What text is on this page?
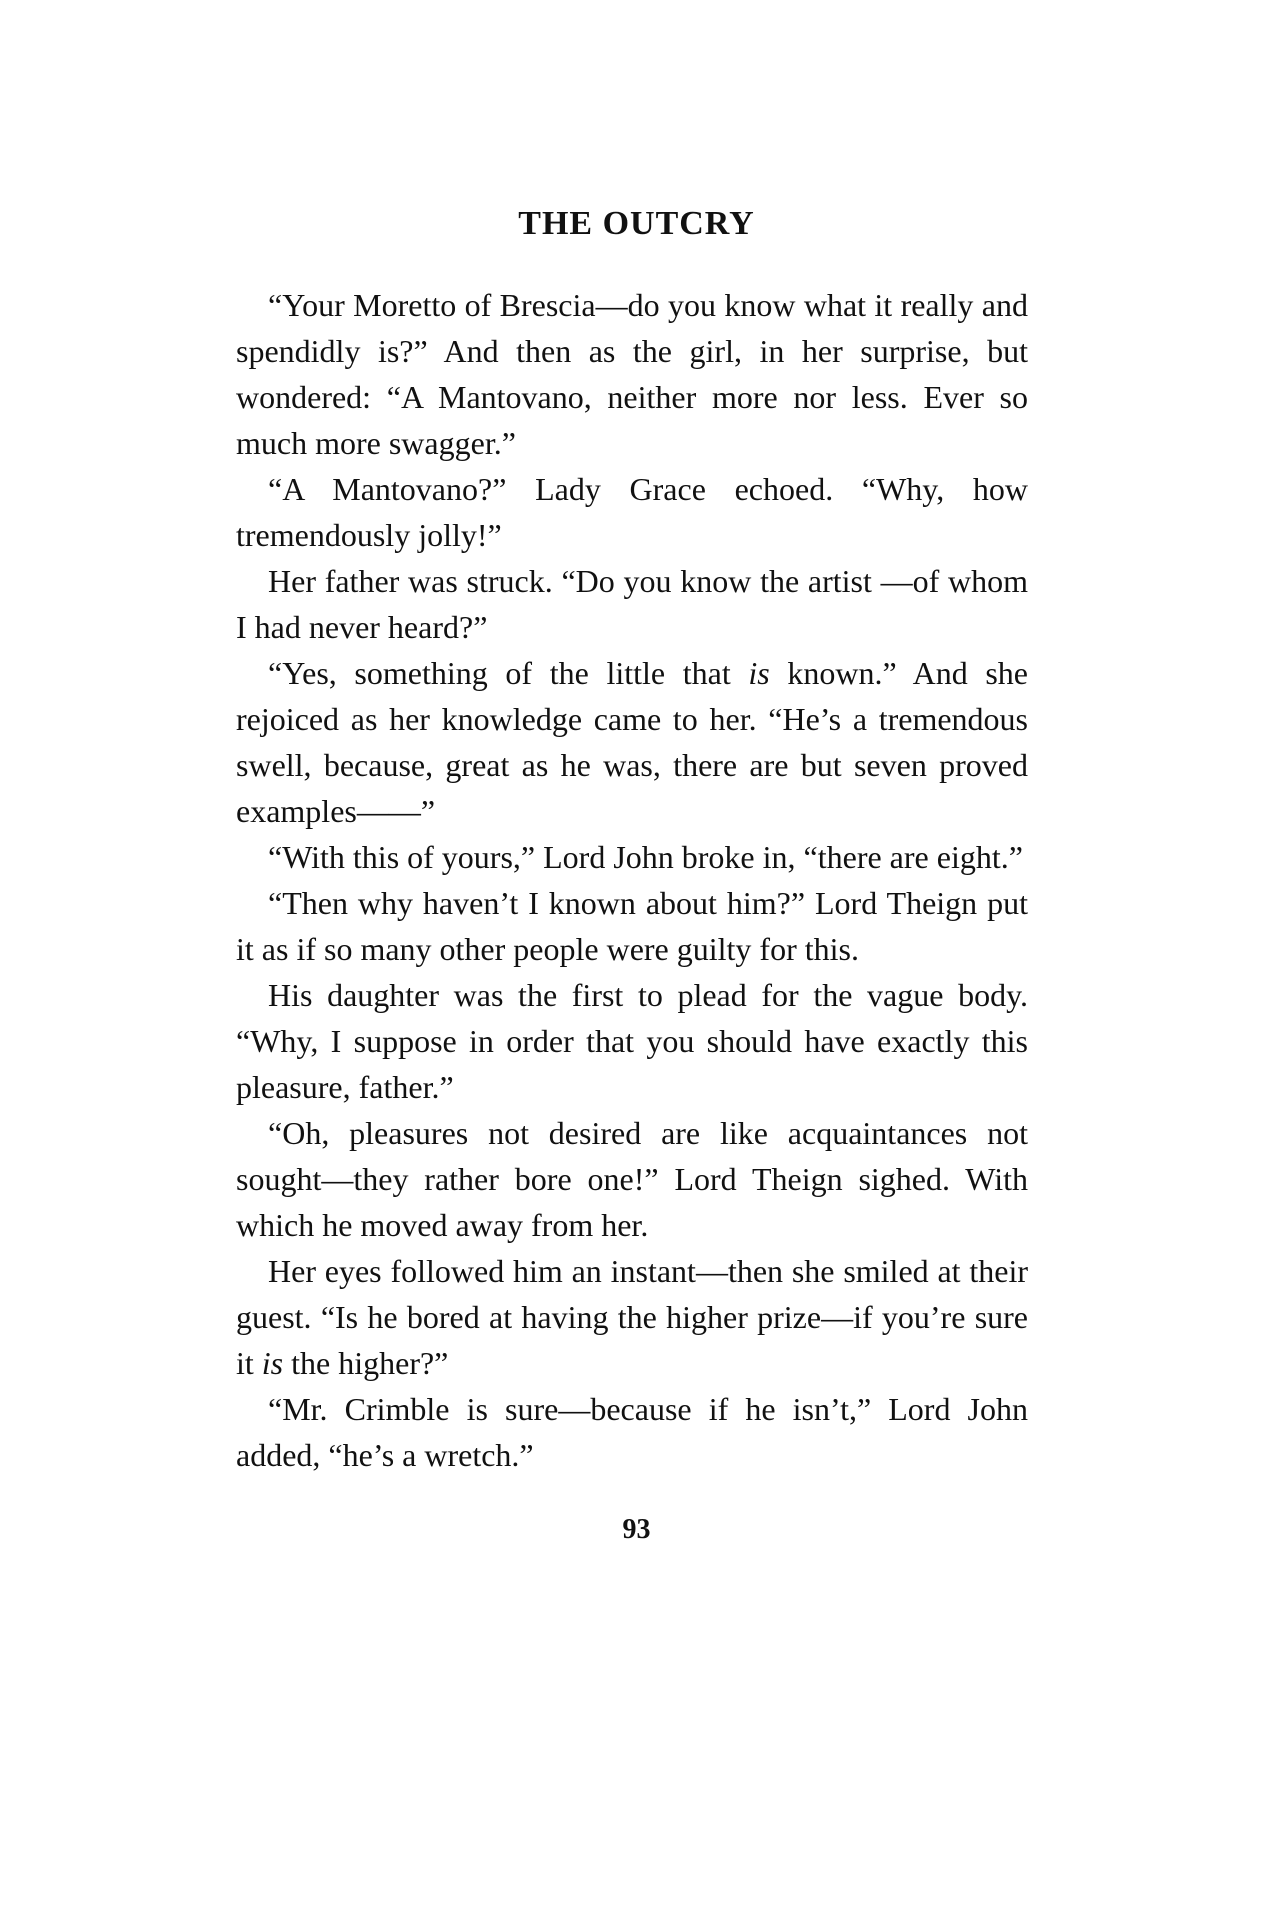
THE OUTCRY

“Your Moretto of Brescia—do you know what it really and spendidly is?” And then as the girl, in her surprise, but wondered: “A Mantovano, neither more nor less. Ever so much more swagger.”

“A Mantovano?” Lady Grace echoed. “Why, how tremendously jolly!”

Her father was struck. “Do you know the artist —of whom I had never heard?”

“Yes, something of the little that is known.” And she rejoiced as her knowledge came to her. “He’s a tremendous swell, because, great as he was, there are but seven proved examples——”

“With this of yours,” Lord John broke in, “there are eight.”

“Then why haven’t I known about him?” Lord Theign put it as if so many other people were guilty for this.

His daughter was the first to plead for the vague body. “Why, I suppose in order that you should have exactly this pleasure, father.”

“Oh, pleasures not desired are like acquaintances not sought—they rather bore one!” Lord Theign sighed. With which he moved away from her.

Her eyes followed him an instant—then she smiled at their guest. “Is he bored at having the higher prize—if you’re sure it is the higher?”

“Mr. Crimble is sure—because if he isn’t,” Lord John added, “he’s a wretch.”

93
